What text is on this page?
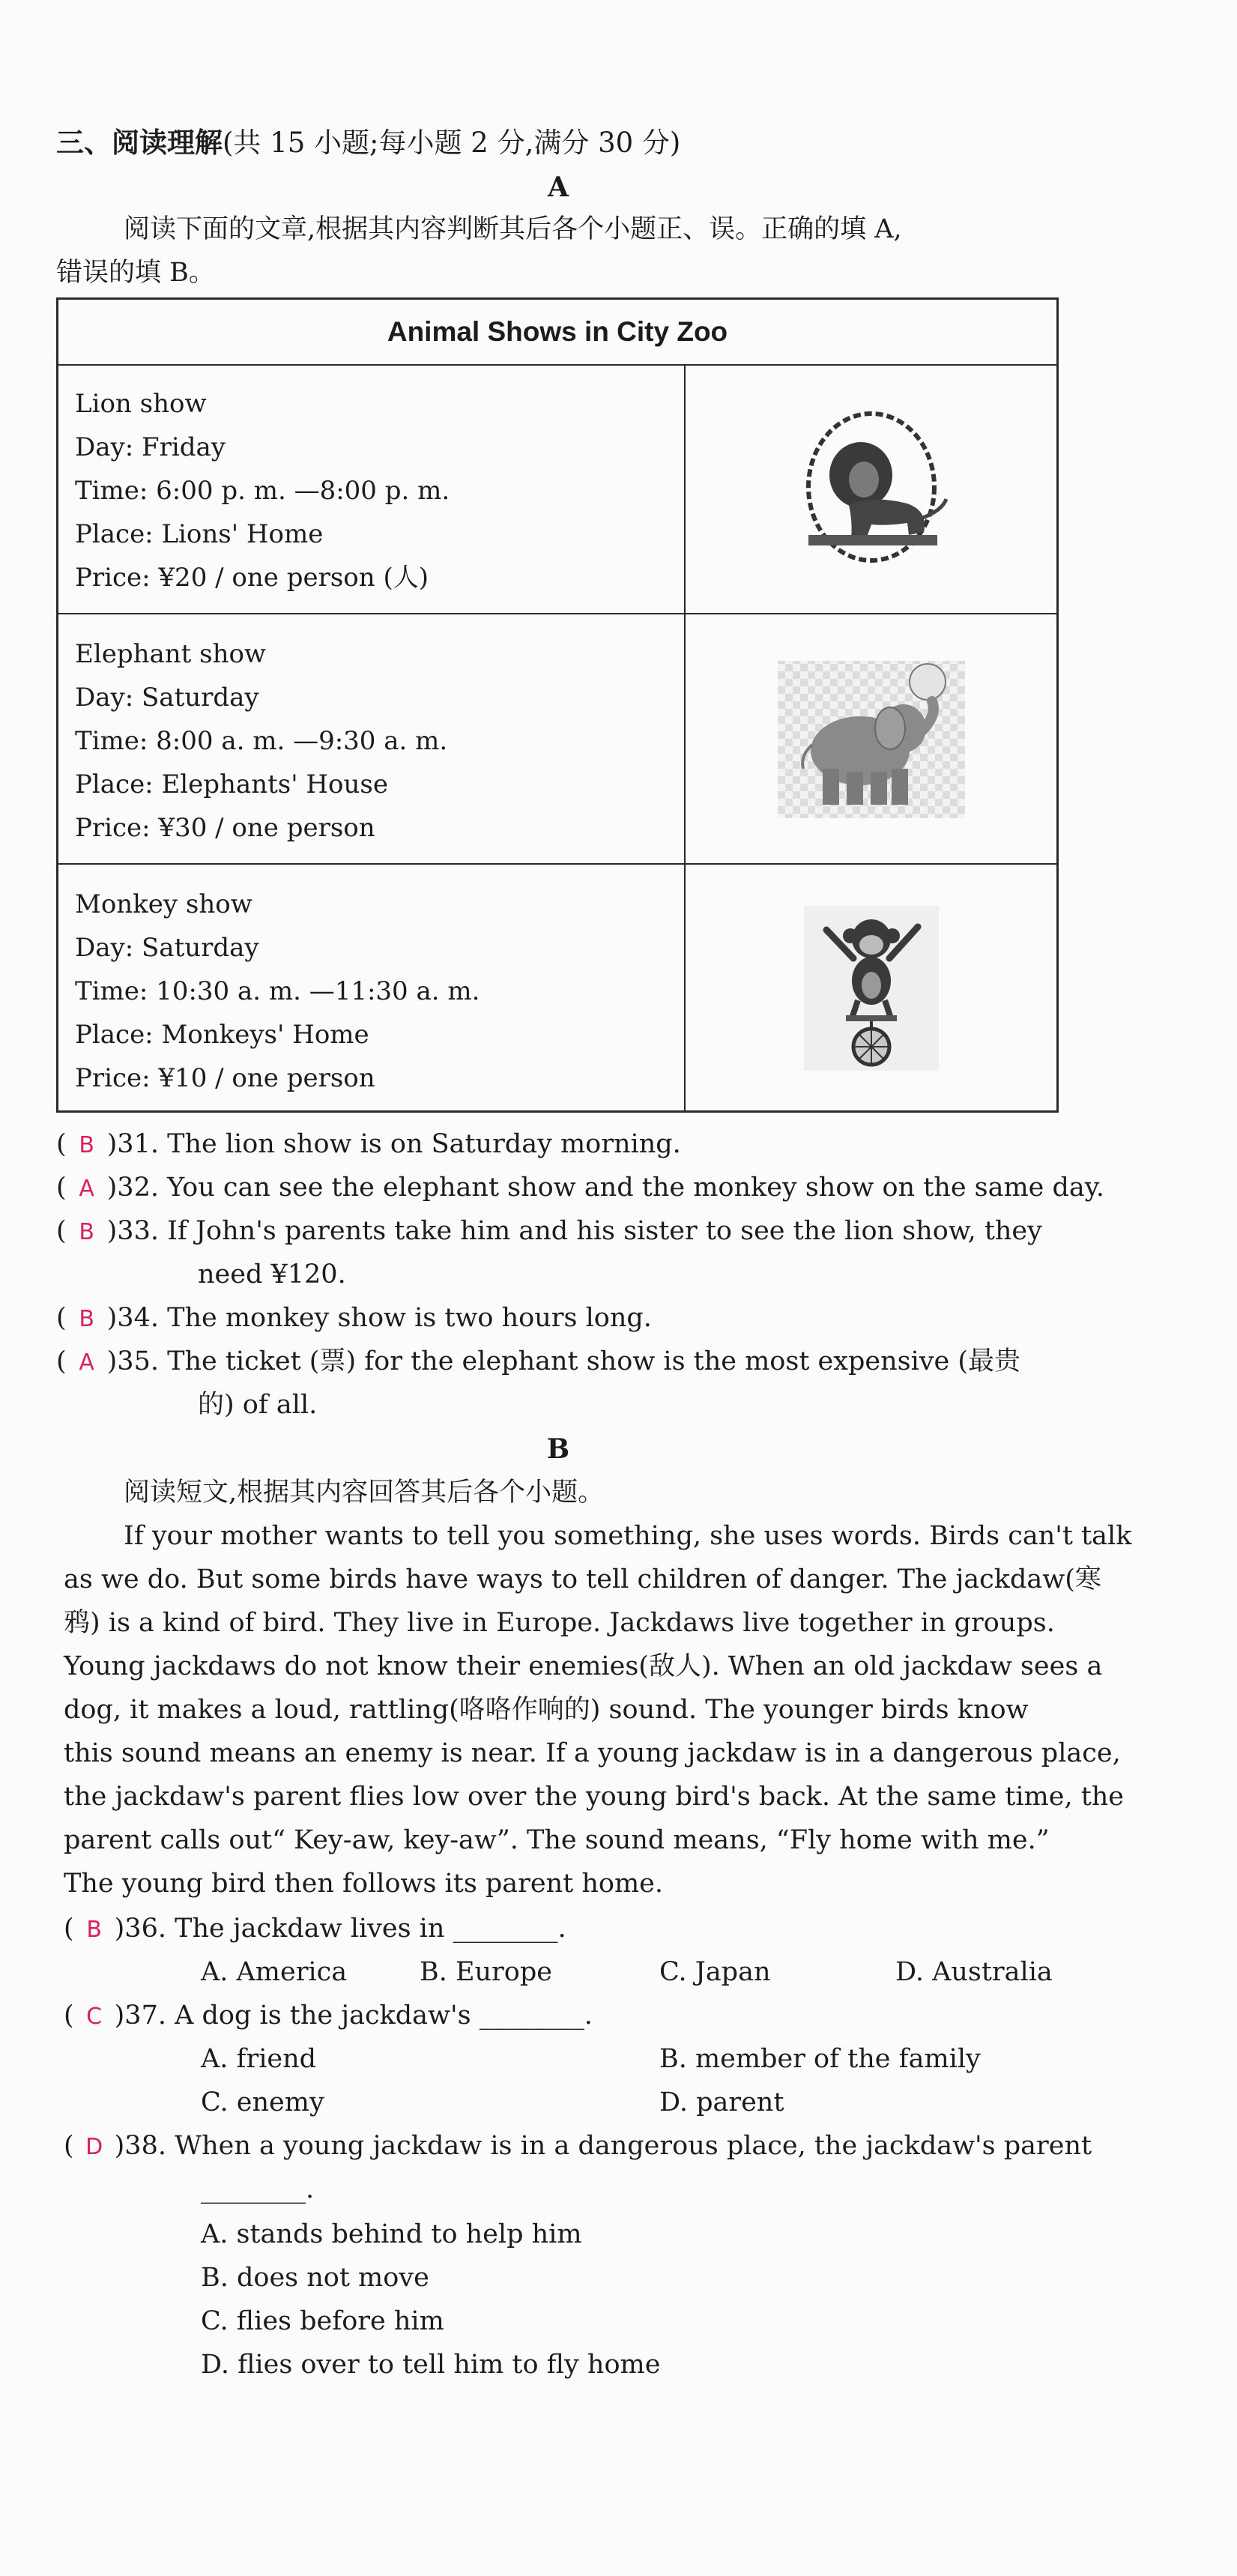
三、阅读理解(共 15 小题;每小题 2 分,满分 30 分)
A
阅读下面的文章,根据其内容判断其后各个小题正、误。正确的填 A,
错误的填 B。
Animal Shows in City Zoo
Lion show
Day: Friday
Time: 6:00 p. m. —8:00 p. m.
Place: Lions' Home
Price: ¥20 / one person (人)
Elephant show
Day: Saturday
Time: 8:00 a. m. —9:30 a. m.
Place: Elephants' House
Price: ¥30 / one person
Monkey show
Day: Saturday
Time: 10:30 a. m. —11:30 a. m.
Place: Monkeys' Home
Price: ¥10 / one person
( B )31. The lion show is on Saturday morning.
( A )32. You can see the elephant show and the monkey show on the same day.
( B )33. If John's parents take him and his sister to see the lion show, they
need ¥120.
( B )34. The monkey show is two hours long.
( A )35. The ticket (票) for the elephant show is the most expensive (最贵
的) of all.
B
阅读短文,根据其内容回答其后各个小题。
If your mother wants to tell you something, she uses words. Birds can't talk
as we do. But some birds have ways to tell children of danger. The jackdaw(寒
鸦) is a kind of bird. They live in Europe. Jackdaws live together in groups.
Young jackdaws do not know their enemies(敌人). When an old jackdaw sees a
dog, it makes a loud, rattling(咯咯作响的) sound. The younger birds know
this sound means an enemy is near. If a young jackdaw is in a dangerous place,
the jackdaw's parent flies low over the young bird's back. At the same time, the
parent calls out“ Key-aw, key-aw”. The sound means, “Fly home with me.”
The young bird then follows its parent home.
( B )36. The jackdaw lives in ________.
A. America	B. Europe	C. Japan	D. Australia
( C )37. A dog is the jackdaw's ________.
A. friend	B. member of the family
C. enemy	D. parent
( D )38. When a young jackdaw is in a dangerous place, the jackdaw's parent
________.
A. stands behind to help him
B. does not move
C. flies before him
D. flies over to tell him to fly home
